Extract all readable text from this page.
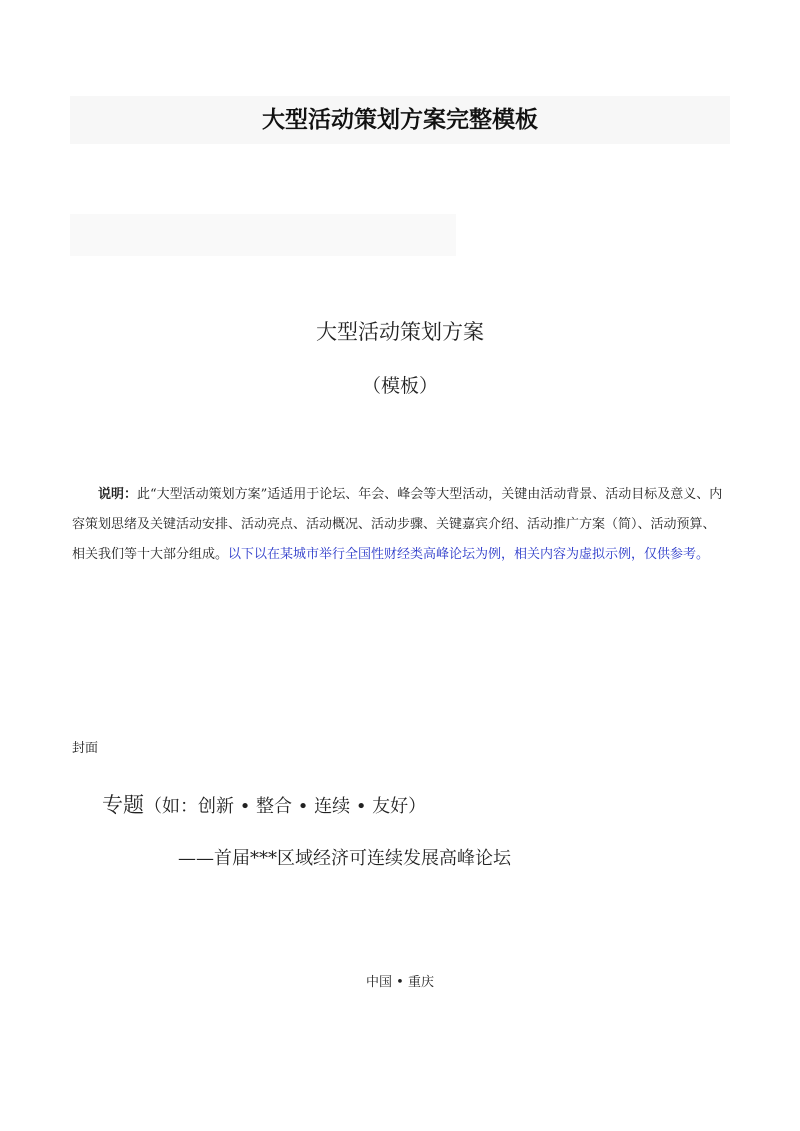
大型活动策划方案完整模板
大型活动策划方案
（模板）

说明：此“大型活动策划方案”适适用于论坛、年会、峰会等大型活动，关键由活动背景、活动目标及意义、内容策划思绪及关键活动安排、活动亮点、活动概况、活动步骤、关键嘉宾介绍、活动推广方案（简）、活动预算、相关我们等十大部分组成。以下以在某城市举行全国性财经类高峰论坛为例，相关内容为虚拟示例，仅供参考。

封面
专题（如：创新 • 整合 • 连续 • 友好）
——首届***区域经济可连续发展高峰论坛
中国 • 重庆
